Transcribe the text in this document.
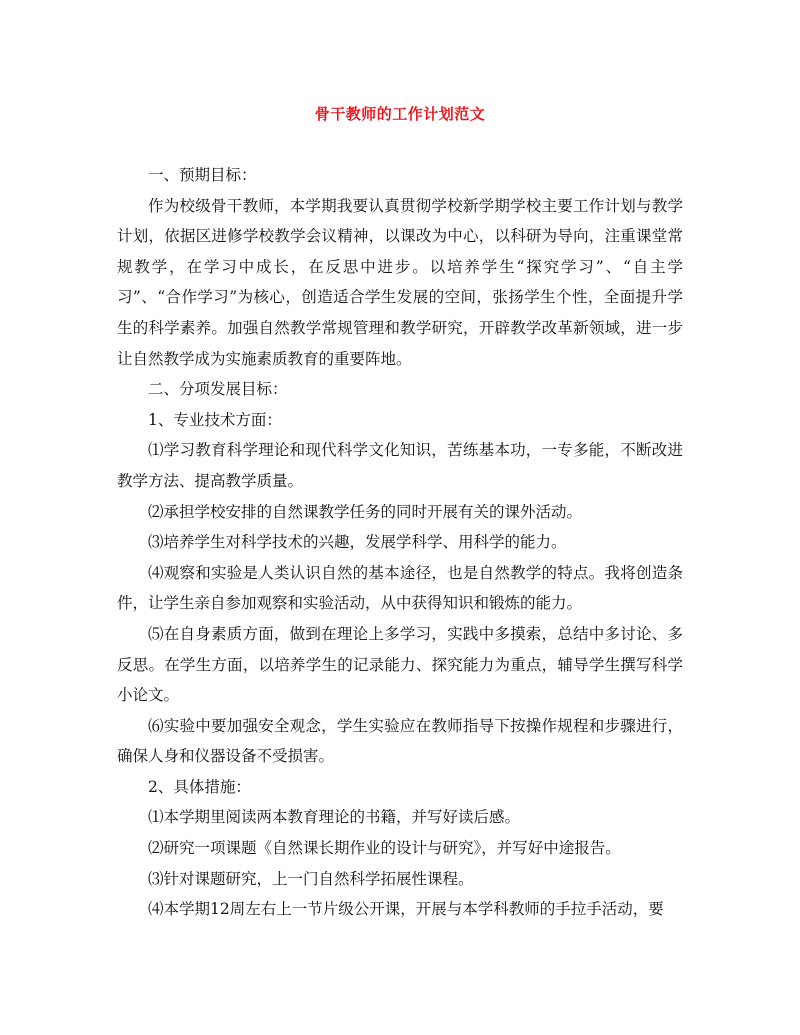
骨干教师的工作计划范文

一、预期目标：

作为校级骨干教师，本学期我要认真贯彻学校新学期学校主要工作计划与教学计划，依据区进修学校教学会议精神，以课改为中心，以科研为导向，注重课堂常规教学，在学习中成长，在反思中进步。以培养学生“探究学习”、“自主学习”、“合作学习”为核心，创造适合学生发展的空间，张扬学生个性，全面提升学生的科学素养。加强自然教学常规管理和教学研究，开辟教学改革新领域，进一步让自然教学成为实施素质教育的重要阵地。

二、分项发展目标：

1、专业技术方面：

⑴学习教育科学理论和现代科学文化知识，苦练基本功，一专多能，不断改进教学方法、提高教学质量。

⑵承担学校安排的自然课教学任务的同时开展有关的课外活动。

⑶培养学生对科学技术的兴趣，发展学科学、用科学的能力。

⑷观察和实验是人类认识自然的基本途径，也是自然教学的特点。我将创造条件，让学生亲自参加观察和实验活动，从中获得知识和锻炼的能力。

⑸在自身素质方面，做到在理论上多学习，实践中多摸索，总结中多讨论、多反思。在学生方面，以培养学生的记录能力、探究能力为重点，辅导学生撰写科学小论文。

⑹实验中要加强安全观念，学生实验应在教师指导下按操作规程和步骤进行，确保人身和仪器设备不受损害。

2、具体措施：

⑴本学期里阅读两本教育理论的书籍，并写好读后感。

⑵研究一项课题《自然课长期作业的设计与研究》，并写好中途报告。

⑶针对课题研究，上一门自然科学拓展性课程。

⑷本学期12周左右上一节片级公开课，开展与本学科教师的手拉手活动，要
